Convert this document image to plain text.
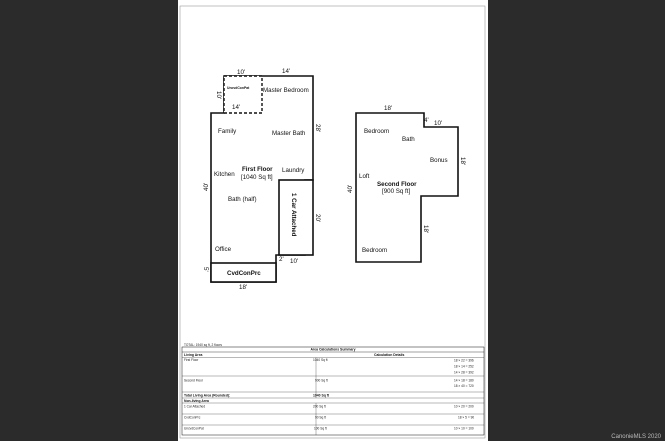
Master Bedroom
Family	Master Bath
First Floor
[1040 Sq ft]
Kitchen
Laundry
Bath (half)
Office
UncvdConPat
CvdConPrc
1 Car Attached
10'	14'
10'
14'
28'
40'
20'
10'
2'
5'
18'
Bedroom
Bath
Bonus
Loft
Second Floor
[900 Sq ft]
Bedroom
18'
4' 10'
18'
40'
18'
TOTAL: 1940 sq ft, 2 floors
Area Calculations Summary
Living Area	Calculation Details
First Floor	1040 Sq ft	18 × 22 = 396
18 × 14 = 252
14 × 28 = 392
Second Floor	900 Sq ft	14 × 18 = 180
18 × 40 = 720
Total Living Area (Rounded):	1940 Sq ft
Non-living Area
1 Car Attached	200 Sq ft	10 × 20 = 200
CvdConPrc	90 Sq ft	18 × 5 = 90
UncvdConPat	100 Sq ft	10 × 10 = 100
CanonieMLS 2020
